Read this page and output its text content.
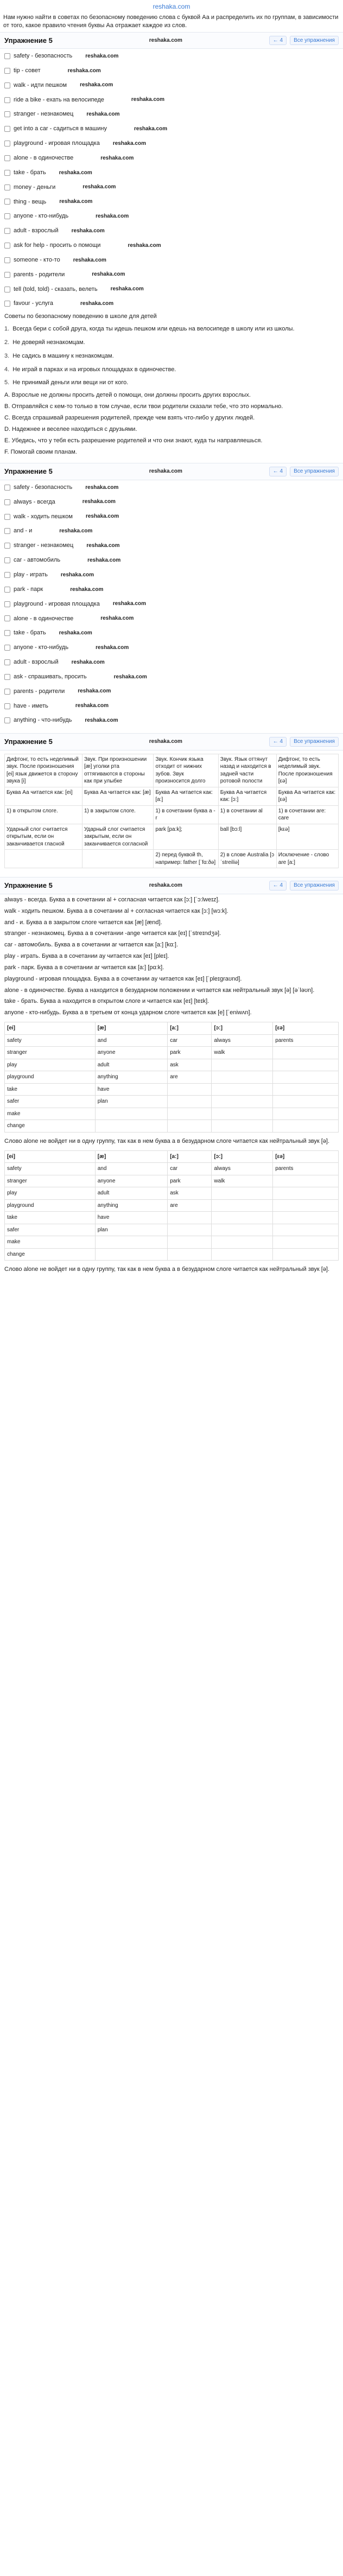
reshaka.com
Нам нужно найти в советах по безопасному поведению слова с буквой Аа и распределить их по группам, в зависимости от того, какое правило чтения буквы Аа отражает каждое из слов.
Упражнение 5	reshaka.com	← 4	Все упражнения
safety - безопасность reshaka.com
tip - совет	reshaka.com
walk - идти пешком reshaka.com
ride a bike - ехать на велосипеде	reshaka.com
stranger - незнакомец reshaka.com
get into a car - садиться в машину	reshaka.com
playground - игровая площадка reshaka.com
alone - в одиночестве	reshaka.com
take - брать reshaka.com
money - деньги	reshaka.com
thing - вещь reshaka.com
anyone - кто-нибудь	reshaka.com
adult - взрослый reshaka.com
ask for help - просить о помощи	reshaka.com
someone - кто-то reshaka.com
parents - родители	reshaka.com
tell (told, told) - сказать, велеть reshaka.com
favour - услуга	reshaka.com
Советы по безопасному поведению в школе для детей
1. Всегда бери с собой друга, когда ты идешь пешком или едешь на велосипеде в школу или из школы.
2. Не доверяй незнакомцам.
3. Не садись в машину к незнакомцам.
4. Не играй в парках и на игровых площадках в одиночестве.
5. Не принимай деньги или вещи ни от кого.
А. Взрослые не должны просить детей о помощи, они должны просить других взрослых.
В. Отправляйся с кем-то только в том случае, если твои родители сказали тебе, что это нормально.
С. Всегда спрашивай разрешения родителей, прежде чем взять что-либо у других людей.
D. Надежнее и веселее находиться с друзьями.
Е. Убедись, что у тебя есть разрешение родителей и что они знают, куда ты направляешься.
F. Помогай своим планам.
Упражнение 5	reshaka.com	← 4	Все упражнения
safety - безопасность reshaka.com
always - всегда	reshaka.com
walk - ходить пешком reshaka.com
and - и	reshaka.com
stranger - незнакомец reshaka.com
car - автомобиль	reshaka.com
play - играть reshaka.com
park - парк	reshaka.com
playground - игровая площадка reshaka.com
alone - в одиночестве	reshaka.com
take - брать reshaka.com
anyone - кто-нибудь	reshaka.com
adult - взрослый reshaka.com
ask - спрашивать, просить	reshaka.com
parents - родители reshaka.com
have - иметь	reshaka.com
anything - что-нибудь reshaka.com
Упражнение 5	reshaka.com	← 4	Все упражнения
Дифтонг, то есть неделимый звук. После произношения [ei] язык движется в сторону звука [i]	Звук. При произношении [æ] уголки рта оттягиваются в стороны как при улыбке	Звук. Кончик языка отходит от нижних зубов. Звук произносится долго	Звук. Язык оттянут назад и находится в задней части ротовой полости	Дифтонг, то есть неделимый звук. После произношения [εə]
Буква Аа читается как: [ei]	Буква Аа читается как: [æ]	Буква Аа читается как: [a:]	Буква Аа читается как: [ɔ:]	Буква Аа читается как: [εə]
1) в открытом слоге.	1) в закрытом слоге.	1) в сочетании буква a - r	1) в сочетании al	1) в сочетании are: care
Ударный слог считается открытым, если он заканчивается гласной	Ударный слог считается закрытым, если он заканчивается согласной	park [pa:k];	ball [bɔ:l]	[kεə]
		2) перед буквой th, например: father [ˈfɑ:ðə]	2) в слове Australia [ɔˈstreiliə]	Исключение - слово are [a:]
Упражнение 5	reshaka.com	← 4	Все упражнения
always - всегда. Буква a в сочетании al + согласная читается как [ɔ:] [ˈɔ:lweɪz].
walk - ходить пешком. Буква a в сочетании al + согласная читается как [ɔ:] [wɔ:k].
and - и. Буква a в закрытом слоге читается как [æ] [ænd].
stranger - незнакомец. Буква a в сочетании -ange читается как [eɪ] [ˈstreɪndʒə].
car - автомобиль. Буква a в сочетании ar читается как [a:] [kɑ:].
play - играть. Буква a в сочетании ay читается как [eɪ] [pleɪ].
park - парк. Буква a в сочетании ar читается как [a:] [pɑ:k].
playground - игровая площадка. Буква a в сочетании ay читается как [eɪ] [ˈpleɪgraʊnd].
alone - в одиночестве. Буква a находится в безударном положении и читается как нейтральный звук [ə] [əˈləʊn].
take - брать. Буква a находится в открытом слоге и читается как [eɪ] [teɪk].
anyone - кто-нибудь. Буква a в третьем от конца ударном слоге читается как [e] [ˈeniwʌn].
[ei]	[æ]	[a:]	[ɔ:]	[εə]
safety	and	car	always	parents
stranger	anyone	park	walk	
play	adult	ask		
playground	anything	are		
take	have			
safer	plan			
make				
change				
Слово alone не войдет ни в одну группу, так как в нем буква a в безударном слоге читается как нейтральный звук [ə].
[ei]	[æ]	[a:]	[ɔ:]	[εə]
safety	and	car	always	parents
stranger	anyone	park	walk	
play	adult	ask		
playground	anything	are		
take	have			
safer	plan			
make				
change				
Слово alone не войдет ни в одну группу, так как в нем буква a в безударном слоге читается как нейтральный звук [ə].
